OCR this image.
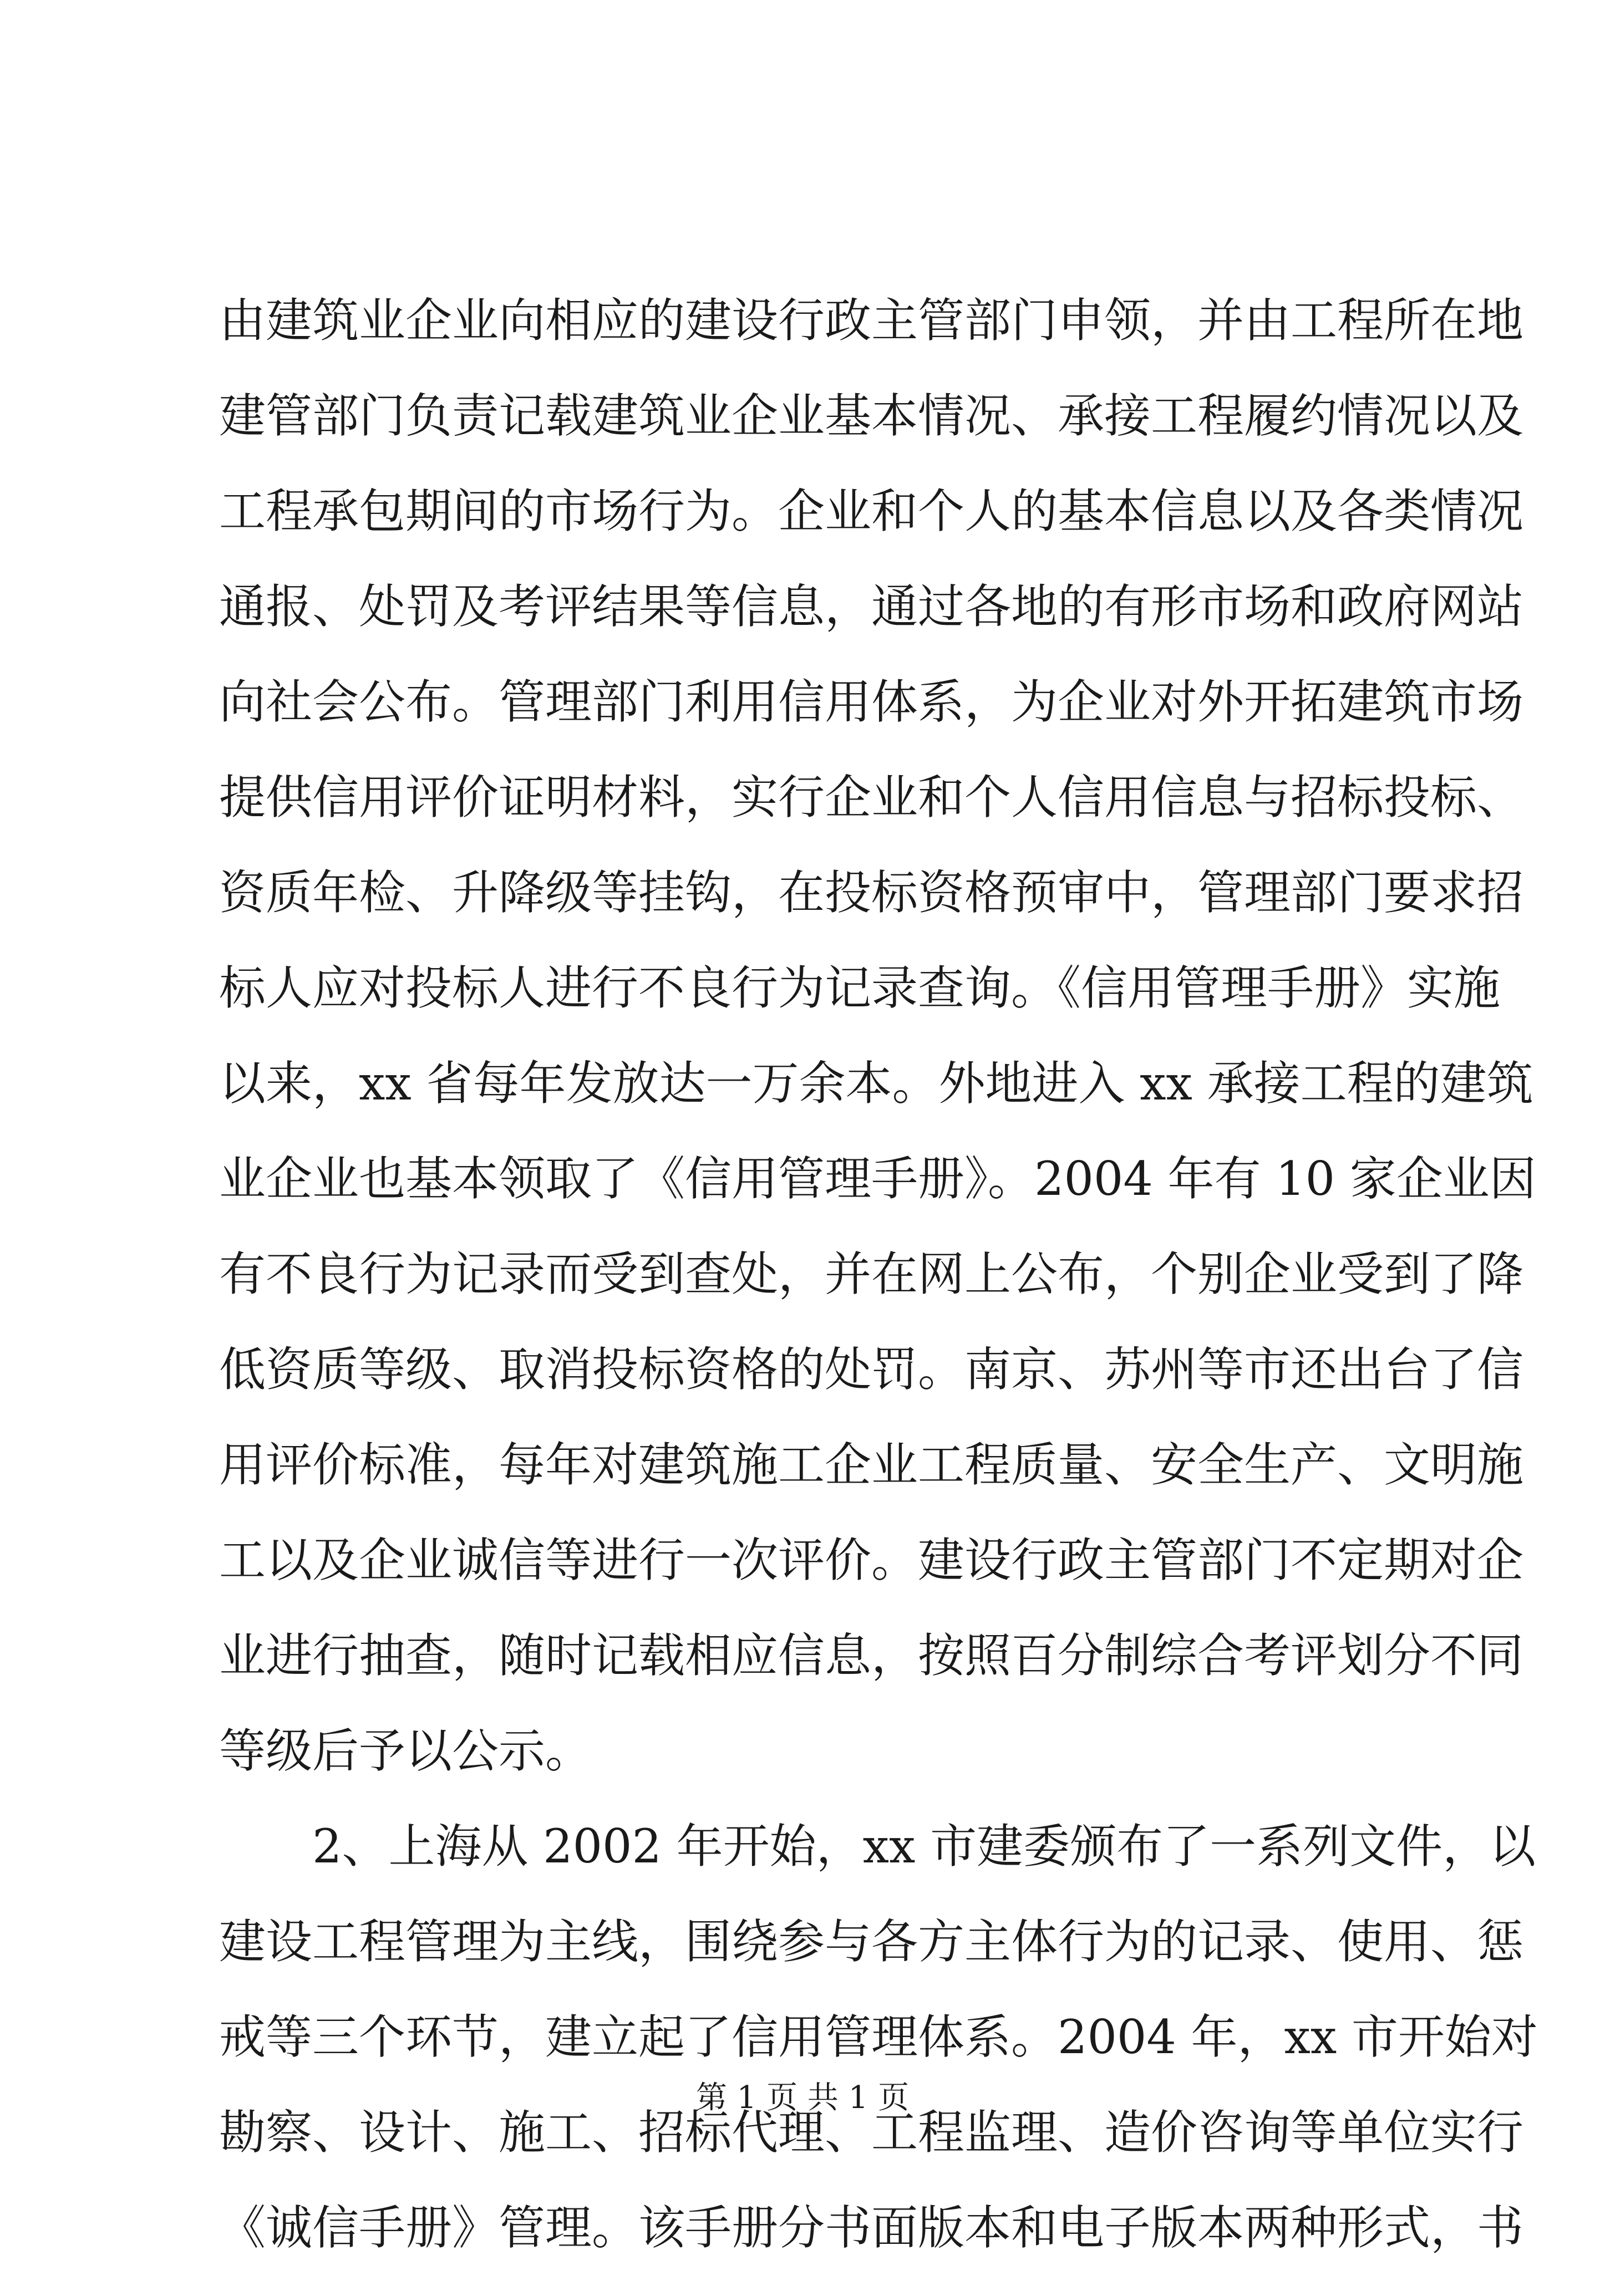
由建筑业企业向相应的建设行政主管部门申领，并由工程所在地
建管部门负责记载建筑业企业基本情况、承接工程履约情况以及
工程承包期间的市场行为。企业和个人的基本信息以及各类情况
通报、处罚及考评结果等信息，通过各地的有形市场和政府网站
向社会公布。管理部门利用信用体系，为企业对外开拓建筑市场
提供信用评价证明材料，实行企业和个人信用信息与招标投标、
资质年检、升降级等挂钩，在投标资格预审中，管理部门要求招
标人应对投标人进行不良行为记录查询。《信用管理手册》实施
以来，xx 省每年发放达一万余本。外地进入 xx 承接工程的建筑
业企业也基本领取了《信用管理手册》。2004 年有 10 家企业因
有不良行为记录而受到查处，并在网上公布，个别企业受到了降
低资质等级、取消投标资格的处罚。南京、苏州等市还出台了信
用评价标准，每年对建筑施工企业工程质量、安全生产、文明施
工以及企业诚信等进行一次评价。建设行政主管部门不定期对企
业进行抽查，随时记载相应信息，按照百分制综合考评划分不同
等级后予以公示。
2、上海从 2002 年开始，xx 市建委颁布了一系列文件，以
建设工程管理为主线，围绕参与各方主体行为的记录、使用、惩
戒等三个环节，建立起了信用管理体系。2004 年，xx 市开始对
勘察、设计、施工、招标代理、工程监理、造价咨询等单位实行
《诚信手册》管理。该手册分书面版本和电子版本两种形式，书
第 1 页 共 1 页
